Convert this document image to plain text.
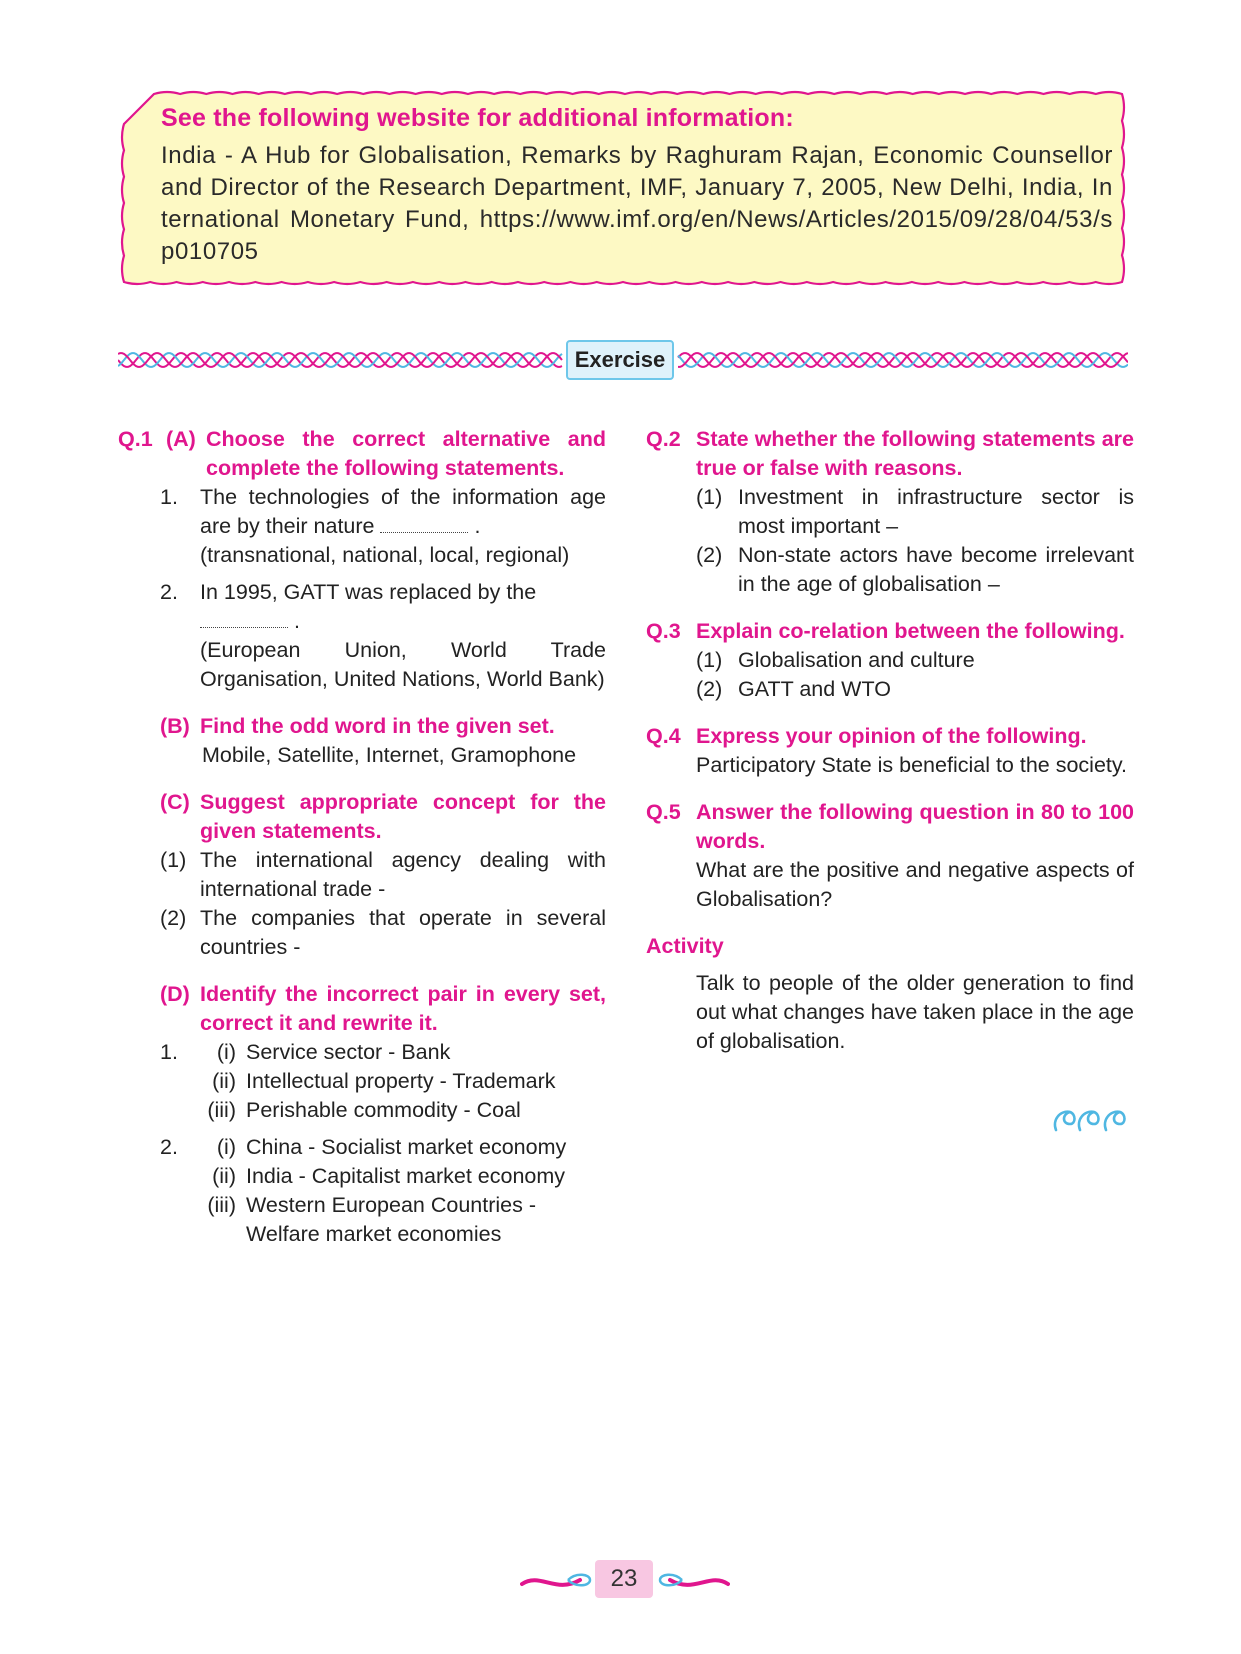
See the following website for additional information:
India - A Hub for Globalisation, Remarks by Raghuram Rajan, Economic Counsellor and Director of the Research Department, IMF, January 7, 2005, New Delhi, India, International Monetary Fund, https://www.imf.org/en/News/Articles/2015/09/28/04/53/sp010705
Exercise
Q.1 (A) Choose the correct alternative and complete the following statements.
1.	The technologies of the information age are by their nature	.
(transnational, national, local, regional)
2.	In 1995, GATT was replaced by the
.
(European Union, World Trade Organisation, United Nations, World Bank)
(B) Find the odd word in the given set.
Mobile, Satellite, Internet, Gramophone
(C) Suggest appropriate concept for the given statements.
(1) The international agency dealing with international trade -
(2) The companies that operate in several countries -
(D) Identify the incorrect pair in every set, correct it and rewrite it.
1.	(i) Service sector - Bank
(ii) Intellectual property - Trademark
(iii) Perishable commodity - Coal
2.	(i) China - Socialist market economy
(ii) India - Capitalist market economy
(iii) Western European Countries - Welfare market economies
Q.2 State whether the following statements are true or false with reasons.
(1) Investment in infrastructure sector is most important –
(2) Non-state actors have become irrelevant in the age of globalisation –
Q.3 Explain co-relation between the following.
(1) Globalisation and culture
(2) GATT and WTO
Q.4 Express your opinion of the following.
Participatory State is beneficial to the society.
Q.5 Answer the following question in 80 to 100 words.
What are the positive and negative aspects of Globalisation?
Activity
Talk to people of the older generation to find out what changes have taken place in the age of globalisation.
23
